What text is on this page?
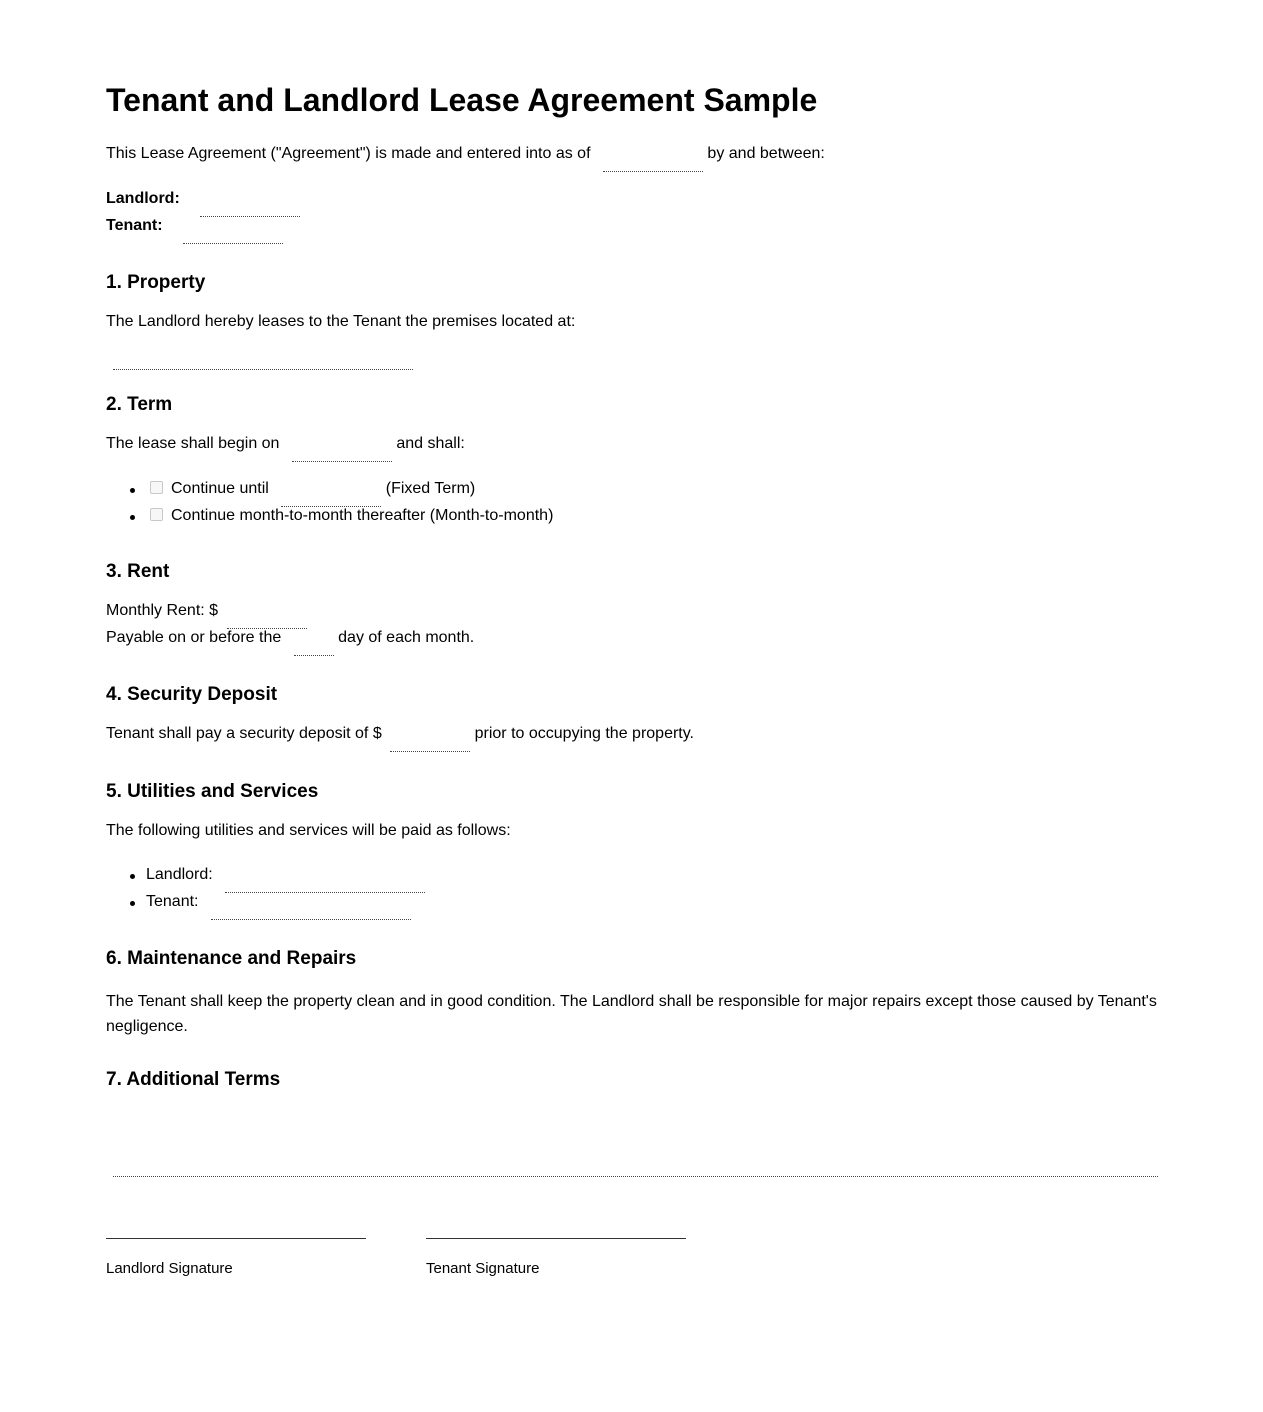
Tenant and Landlord Lease Agreement Sample
This Lease Agreement ("Agreement") is made and entered into as of	by and between:
Landlord:
Tenant:
1. Property
The Landlord hereby leases to the Tenant the premises located at:
2. Term
The lease shall begin on	and shall:
Continue until	(Fixed Term)
Continue month-to-month thereafter (Month-to-month)
3. Rent
Monthly Rent: $
Payable on or before the	day of each month.
4. Security Deposit
Tenant shall pay a security deposit of $	prior to occupying the property.
5. Utilities and Services
The following utilities and services will be paid as follows:
Landlord:
Tenant:
6. Maintenance and Repairs
The Tenant shall keep the property clean and in good condition. The Landlord shall be responsible for major repairs except those caused by Tenant's negligence.
7. Additional Terms
Landlord Signature	Tenant Signature
